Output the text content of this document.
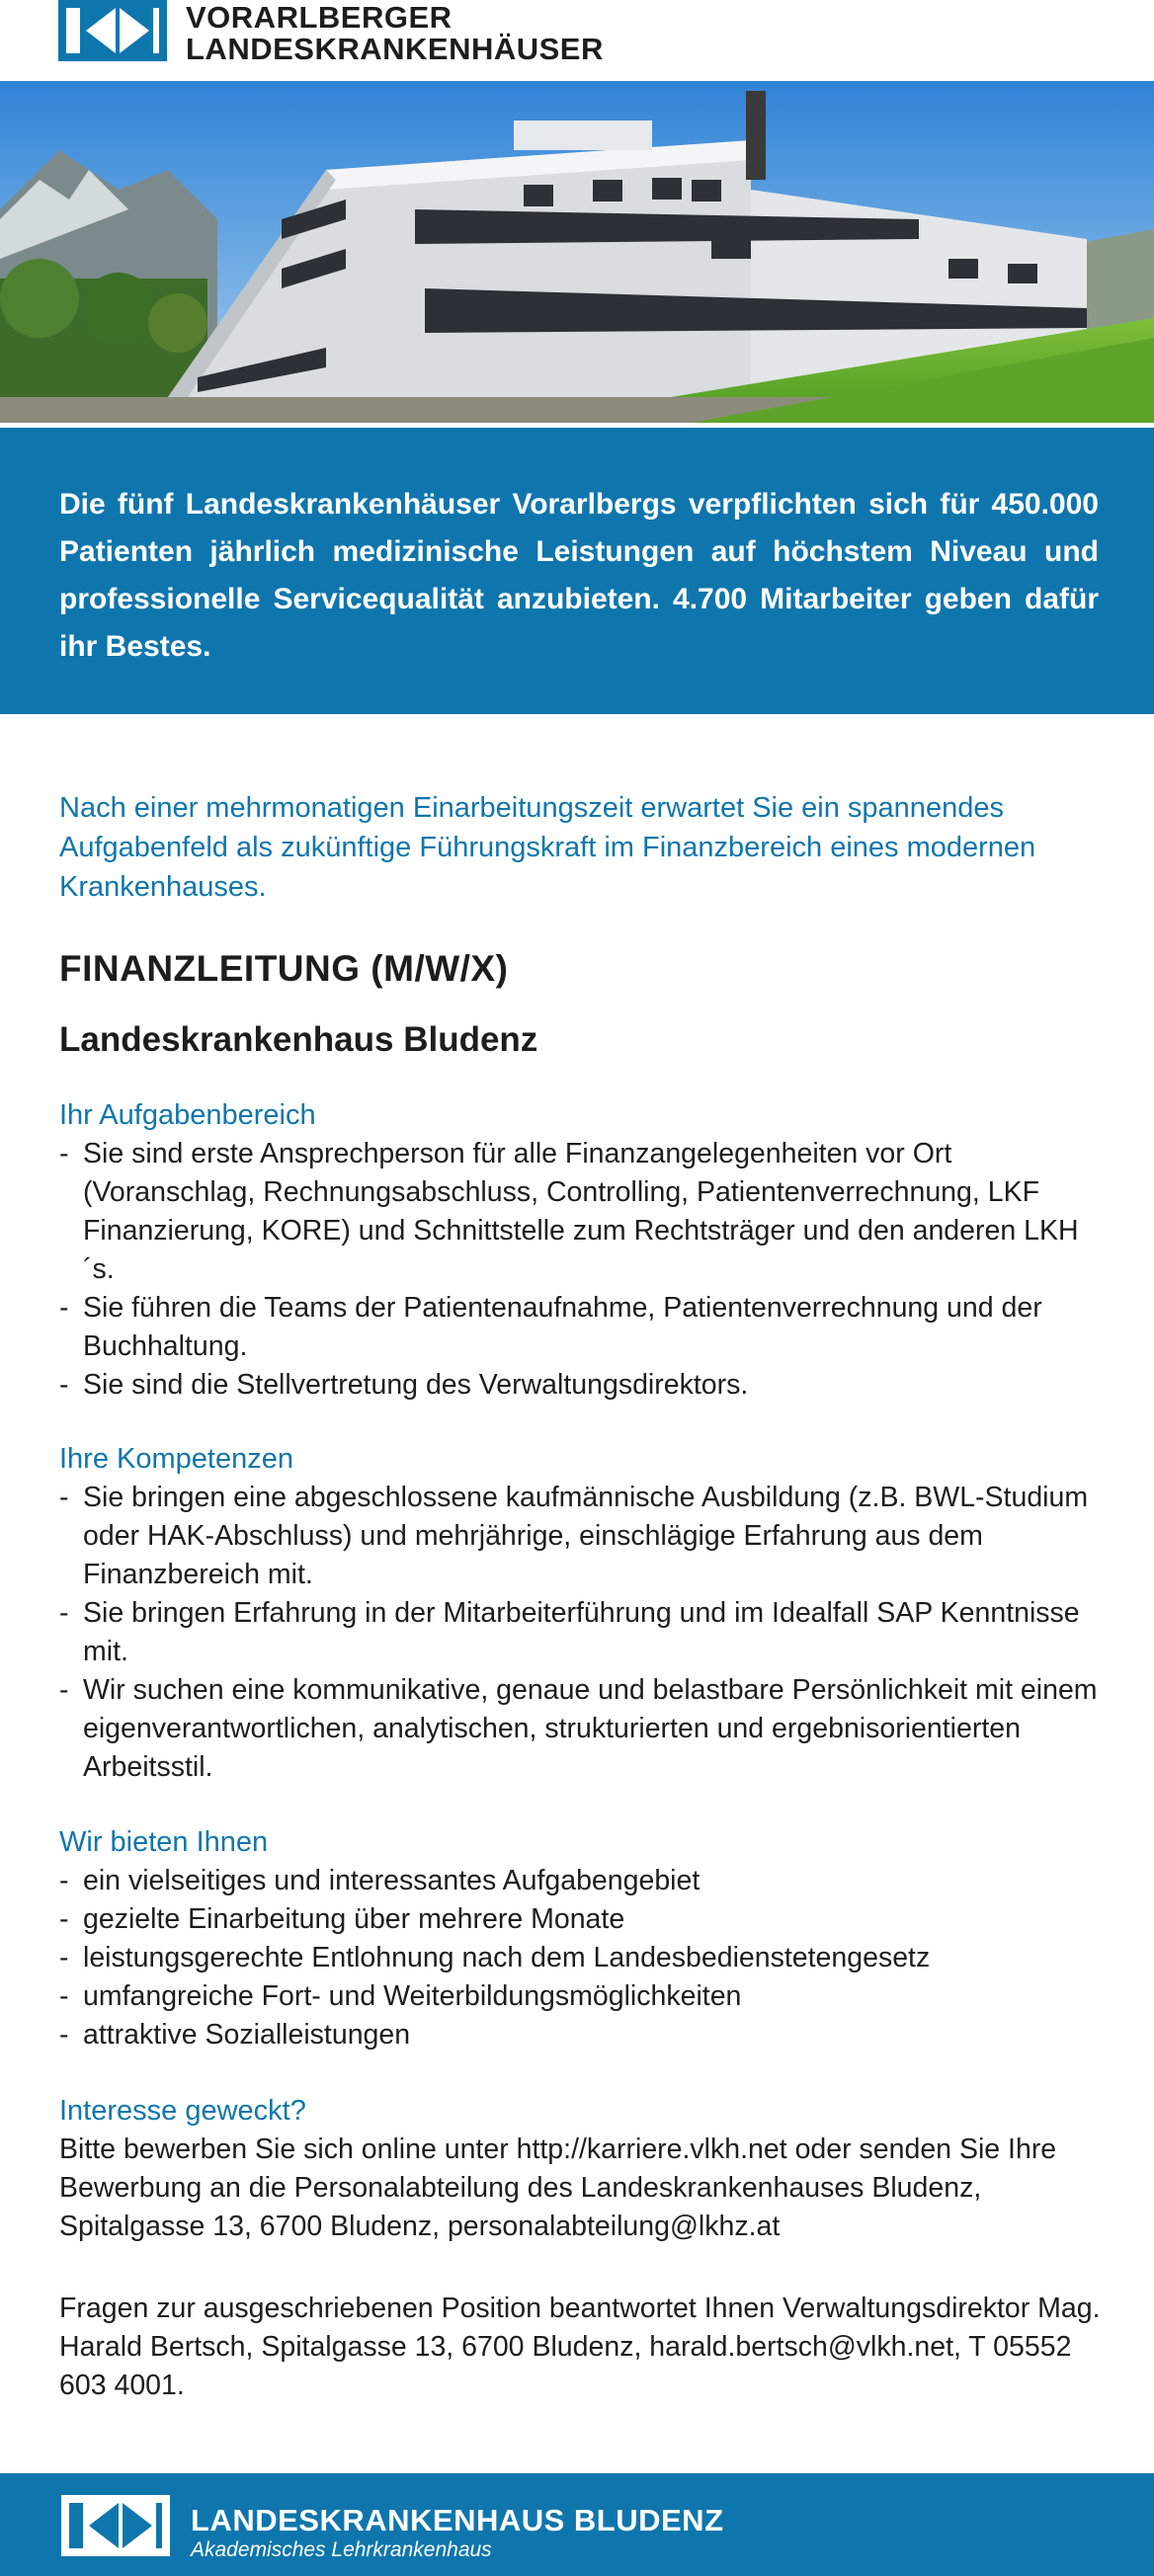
VORARLBERGER
LANDESKRANKENHÄUSER

Die fünf Landeskrankenhäuser Vorarlbergs verpflichten sich für 450.000 Patienten jährlich medizinische Leistungen auf höchstem Niveau und professionelle Servicequalität anzubieten. 4.700 Mitarbeiter geben dafür ihr Bestes.

Nach einer mehrmonatigen Einarbeitungszeit erwartet Sie ein spannendes Aufgabenfeld als zukünftige Führungskraft im Finanzbereich eines modernen Krankenhauses.

FINANZLEITUNG (M/W/X)
Landeskrankenhaus Bludenz
Ihr Aufgabenbereich
- Sie sind erste Ansprechperson für alle Finanzangelegenheiten vor Ort (Voranschlag, Rechnungsabschluss, Controlling, Patientenverrechnung, LKF Finanzierung, KORE) und Schnittstelle zum Rechtsträger und den anderen LKH´s.
- Sie führen die Teams der Patientenaufnahme, Patientenverrechnung und der Buchhaltung.
- Sie sind die Stellvertretung des Verwaltungsdirektors.
Ihre Kompetenzen
- Sie bringen eine abgeschlossene kaufmännische Ausbildung (z.B. BWL-Studium oder HAK-Abschluss) und mehrjährige, einschlägige Erfahrung aus dem Finanzbereich mit.
- Sie bringen Erfahrung in der Mitarbeiterführung und im Idealfall SAP Kenntnisse mit.
- Wir suchen eine kommunikative, genaue und belastbare Persönlichkeit mit einem eigenverantwortlichen, analytischen, strukturierten und ergebnisorientierten Arbeitsstil.
Wir bieten Ihnen
- ein vielseitiges und interessantes Aufgabengebiet
- gezielte Einarbeitung über mehrere Monate
- leistungsgerechte Entlohnung nach dem Landesbedienstetengesetz
- umfangreiche Fort- und Weiterbildungsmöglichkeiten
- attraktive Sozialleistungen
Interesse geweckt?

Bitte bewerben Sie sich online unter http://karriere.vlkh.net oder senden Sie Ihre Bewerbung an die Personalabteilung des Landeskrankenhauses Bludenz, Spitalgasse 13, 6700 Bludenz, personalabteilung@lkhz.at

Fragen zur ausgeschriebenen Position beantwortet Ihnen Verwaltungsdirektor Mag. Harald Bertsch, Spitalgasse 13, 6700 Bludenz, harald.bertsch@vlkh.net, T 05552 603 4001.

LANDESKRANKENHAUS BLUDENZ
Akademisches Lehrkrankenhaus
